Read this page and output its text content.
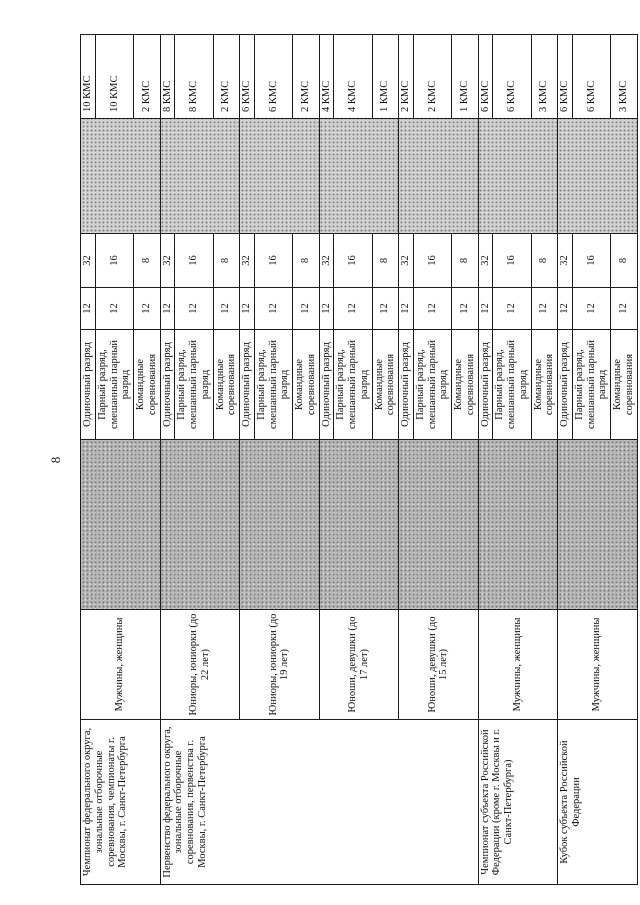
8
Чемпионат федерального округа, зональные отборочные соревнования, чемпионаты г. Москвы, г. Санкт-Петербурга	Мужчины, женщины		Одиночный разряд	12	32		10 КМС
			Парный разряд, смешанный парный разряд	12	16		10 КМС
			Командные соревнования	12	8		2 КМС
Первенство федерального округа, зональные отборочные соревнования, первенства г. Москвы, г. Санкт-Петербурга	Юниоры, юниорки (до 22 лет)		Одиночный разряд	12	32		8 КМС
			Парный разряд, смешанный парный разряд	12	16		8 КМС
			Командные соревнования	12	8		2 КМС
	Юниоры, юниорки (до 19 лет)		Одиночный разряд	12	32		6 КМС
			Парный разряд, смешанный парный разряд	12	16		6 КМС
			Командные соревнования	12	8		2 КМС
	Юноши, девушки (до 17 лет)		Одиночный разряд	12	32		4 КМС
			Парный разряд, смешанный парный разряд	12	16		4 КМС
			Командные соревнования	12	8		1 КМС
	Юноши, девушки (до 15 лет)		Одиночный разряд	12	32		2 КМС
			Парный разряд, смешанный парный разряд	12	16		2 КМС
			Командные соревнования	12	8		1 КМС
Чемпионат субъекта Российской Федерации (кроме г. Москвы и г. Санкт-Петербурга)	Мужчины, женщины		Одиночный разряд	12	32		6 КМС
			Парный разряд, смешанный парный разряд	12	16		6 КМС
			Командные соревнования	12	8		3 КМС
Кубок субъекта Российской Федерации	Мужчины, женщины		Одиночный разряд	12	32		6 КМС
			Парный разряд, смешанный парный разряд	12	16		6 КМС
			Командные соревнования	12	8		3 КМС
